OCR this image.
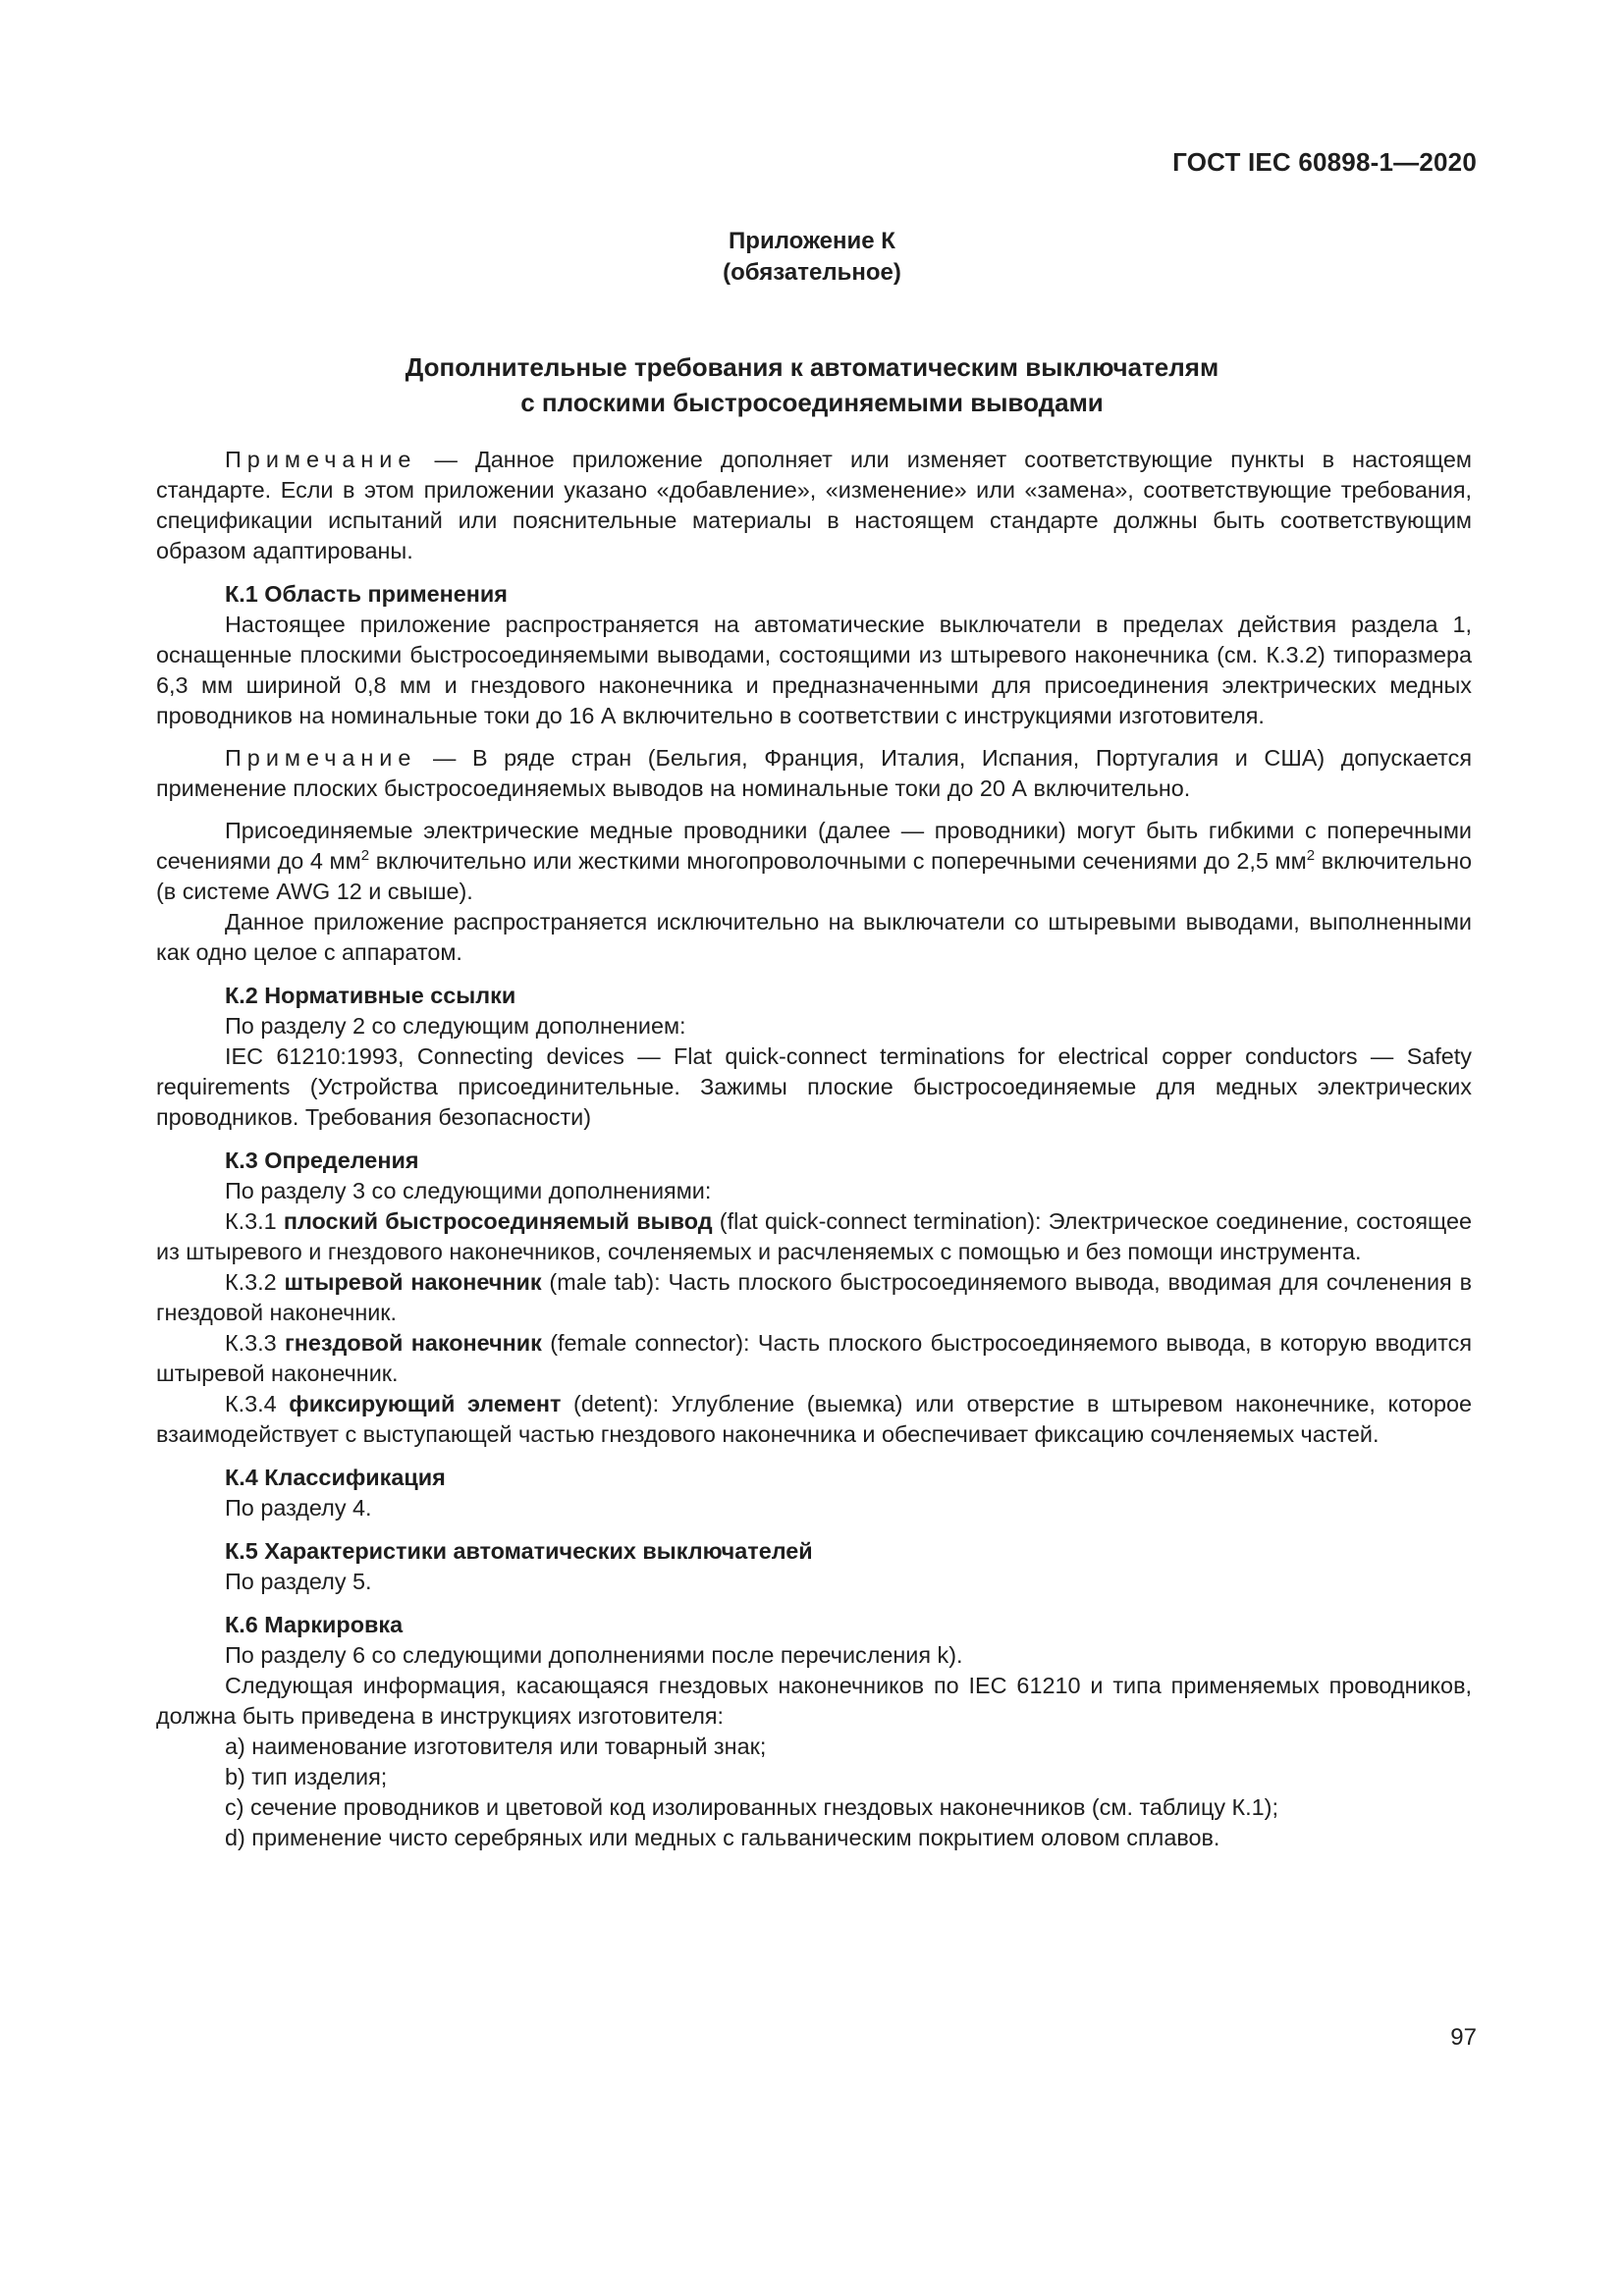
ГОСТ IEC 60898-1—2020
Приложение К
(обязательное)
Дополнительные требования к автоматическим выключателям
с плоскими быстросоединяемыми выводами

Примечание — Данное приложение дополняет или изменяет соответствующие пункты в настоящем стандарте. Если в этом приложении указано «добавление», «изменение» или «замена», соответствующие требования, спецификации испытаний или пояснительные материалы в настоящем стандарте должны быть соответствующим образом адаптированы.

К.1 Область применения

Настоящее приложение распространяется на автоматические выключатели в пределах действия раздела 1, оснащенные плоскими быстросоединяемыми выводами, состоящими из штыревого наконечника (см. К.3.2) типоразмера 6,3 мм шириной 0,8 мм и гнездового наконечника и предназначенными для присоединения электрических медных проводников на номинальные токи до 16 А включительно в соответствии с инструкциями изготовителя.

Примечание — В ряде стран (Бельгия, Франция, Италия, Испания, Португалия и США) допускается применение плоских быстросоединяемых выводов на номинальные токи до 20 А включительно.

Присоединяемые электрические медные проводники (далее — проводники) могут быть гибкими с поперечными сечениями до 4 $мм^2$ включительно или жесткими многопроволочными с поперечными сечениями до 2,5 $мм^2$ включительно (в системе AWG 12 и свыше).

Данное приложение распространяется исключительно на выключатели со штыревыми выводами, выполненными как одно целое с аппаратом.

К.2 Нормативные ссылки

По разделу 2 со следующим дополнением:

IEC 61210:1993, Connecting devices — Flat quick-connect terminations for electrical copper conductors — Safety requirements (Устройства присоединительные. Зажимы плоские быстросоединяемые для медных электрических проводников. Требования безопасности)

К.3 Определения

По разделу 3 со следующими дополнениями:

К.3.1 плоский быстросоединяемый вывод (flat quick-connect termination): Электрическое соединение, состоящее из штыревого и гнездового наконечников, сочленяемых и расчленяемых с помощью и без помощи инструмента.

К.3.2 штыревой наконечник (male tab): Часть плоского быстросоединяемого вывода, вводимая для сочленения в гнездовой наконечник.

К.3.3 гнездовой наконечник (female connector): Часть плоского быстросоединяемого вывода, в которую вводится штыревой наконечник.

К.3.4 фиксирующий элемент (detent): Углубление (выемка) или отверстие в штыревом наконечнике, которое взаимодействует с выступающей частью гнездового наконечника и обеспечивает фиксацию сочленяемых частей.

К.4 Классификация

По разделу 4.

К.5 Характеристики автоматических выключателей

По разделу 5.

К.6 Маркировка

По разделу 6 со следующими дополнениями после перечисления k).

Следующая информация, касающаяся гнездовых наконечников по IEC 61210 и типа применяемых проводников, должна быть приведена в инструкциях изготовителя:

a) наименование изготовителя или товарный знак;
b) тип изделия;
c) сечение проводников и цветовой код изолированных гнездовых наконечников (см. таблицу К.1);
d) применение чисто серебряных или медных с гальваническим покрытием оловом сплавов.
97
